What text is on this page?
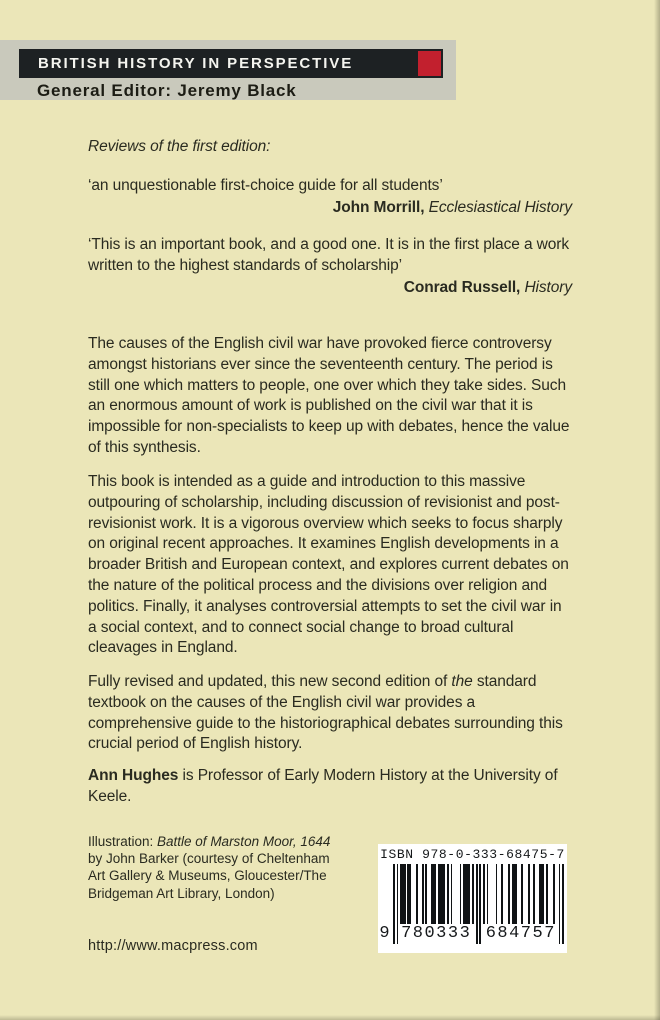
BRITISH HISTORY IN PERSPECTIVE
General Editor: Jeremy Black

Reviews of the first edition:

‘an unquestionable first-choice guide for all students’

John Morrill, Ecclesiastical History

‘This is an important book, and a good one. It is in the first place a work written to the highest standards of scholarship’

Conrad Russell, History

The causes of the English civil war have provoked fierce controversy amongst historians ever since the seventeenth century. The period is still one which matters to people, one over which they take sides. Such an enormous amount of work is published on the civil war that it is impossible for non-specialists to keep up with debates, hence the value of this synthesis.

This book is intended as a guide and introduction to this massive outpouring of scholarship, including discussion of revisionist and post-revisionist work. It is a vigorous overview which seeks to focus sharply on original recent approaches. It examines English developments in a broader British and European context, and explores current debates on the nature of the political process and the divisions over religion and politics. Finally, it analyses controversial attempts to set the civil war in a social context, and to connect social change to broad cultural cleavages in England.

Fully revised and updated, this new second edition of the standard textbook on the causes of the English civil war provides a comprehensive guide to the historiographical debates surrounding this crucial period of English history.

Ann Hughes is Professor of Early Modern History at the University of Keele.

Illustration: Battle of Marston Moor, 1644 by John Barker (courtesy of Cheltenham Art Gallery & Museums, Gloucester/The Bridgeman Art Library, London)

ISBN 978-0-333-68475-7
9 780333 684757

http://www.macpress.com
